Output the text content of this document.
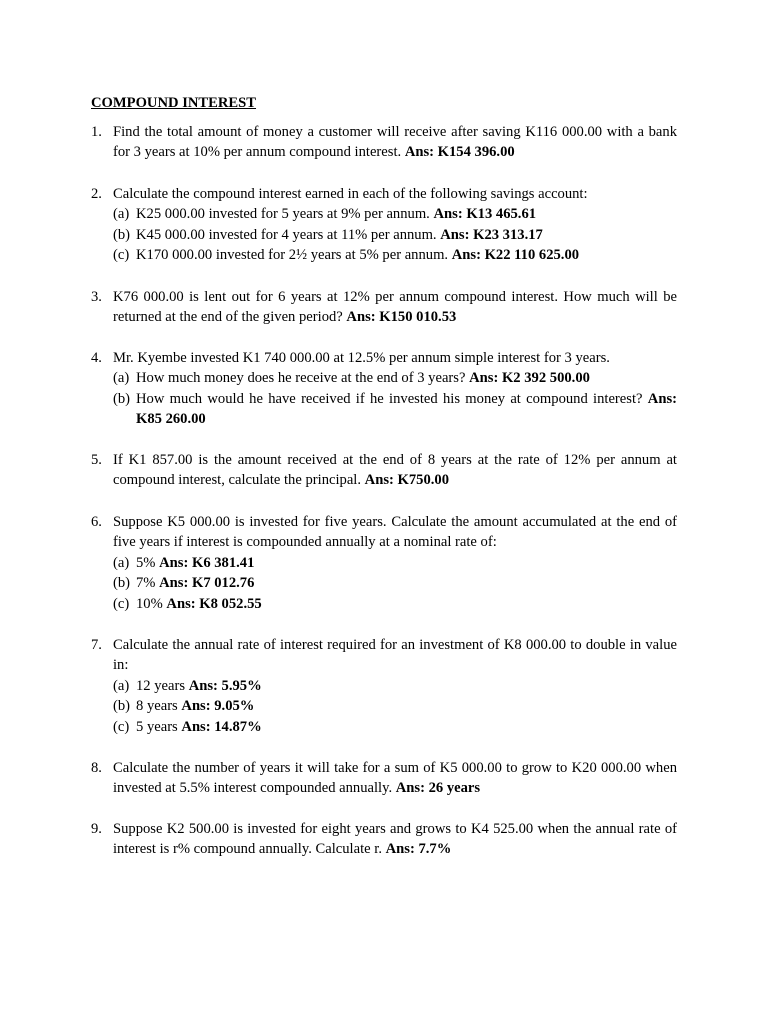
COMPOUND INTEREST
1. Find the total amount of money a customer will receive after saving K116 000.00 with a bank for 3 years at 10% per annum compound interest. Ans: K154 396.00
2. Calculate the compound interest earned in each of the following savings account:
(a) K25 000.00 invested for 5 years at 9% per annum. Ans: K13 465.61
(b) K45 000.00 invested for 4 years at 11% per annum. Ans: K23 313.17
(c) K170 000.00 invested for 2½ years at 5% per annum. Ans: K22 110 625.00
3. K76 000.00 is lent out for 6 years at 12% per annum compound interest. How much will be returned at the end of the given period? Ans: K150 010.53
4. Mr. Kyembe invested K1 740 000.00 at 12.5% per annum simple interest for 3 years.
(a) How much money does he receive at the end of 3 years? Ans: K2 392 500.00
(b) How much would he have received if he invested his money at compound interest? Ans: K85 260.00
5. If K1 857.00 is the amount received at the end of 8 years at the rate of 12% per annum at compound interest, calculate the principal. Ans: K750.00
6. Suppose K5 000.00 is invested for five years. Calculate the amount accumulated at the end of five years if interest is compounded annually at a nominal rate of:
(a) 5% Ans: K6 381.41
(b) 7% Ans: K7 012.76
(c) 10% Ans: K8 052.55
7. Calculate the annual rate of interest required for an investment of K8 000.00 to double in value in:
(a) 12 years Ans: 5.95%
(b) 8 years Ans: 9.05%
(c) 5 years Ans: 14.87%
8. Calculate the number of years it will take for a sum of K5 000.00 to grow to K20 000.00 when invested at 5.5% interest compounded annually. Ans: 26 years
9. Suppose K2 500.00 is invested for eight years and grows to K4 525.00 when the annual rate of interest is r% compound annually. Calculate r. Ans: 7.7%
